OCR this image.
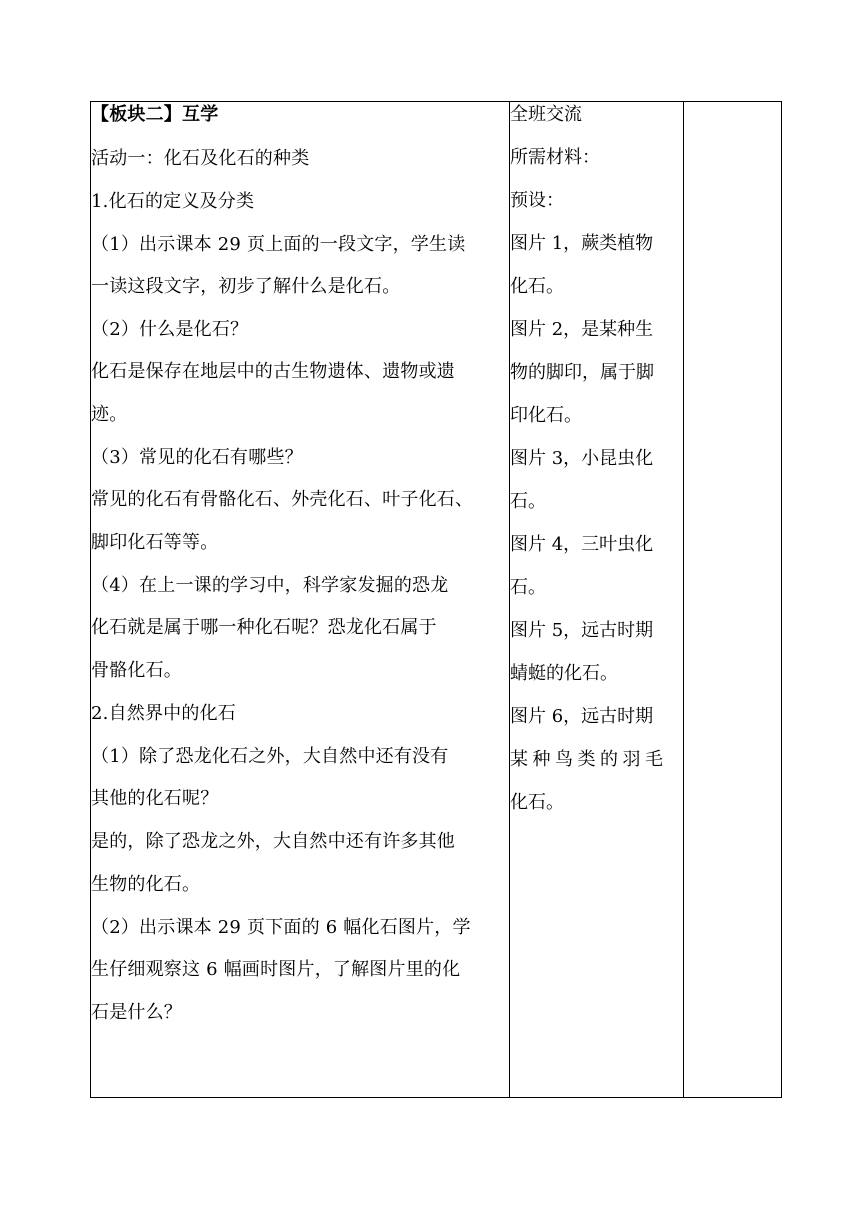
【板块二】互学
活动一：化石及化石的种类
1.化石的定义及分类
（1）出示课本 29 页上面的一段文字，学生读
一读这段文字，初步了解什么是化石。
（2）什么是化石？
化石是保存在地层中的古生物遗体、遗物或遗
迹。
（3）常见的化石有哪些？
常见的化石有骨骼化石、外壳化石、叶子化石、
脚印化石等等。
（4）在上一课的学习中，科学家发掘的恐龙
化石就是属于哪一种化石呢？恐龙化石属于
骨骼化石。
2.自然界中的化石
（1）除了恐龙化石之外，大自然中还有没有
其他的化石呢？
是的，除了恐龙之外，大自然中还有许多其他
生物的化石。
（2）出示课本 29 页下面的 6 幅化石图片，学
生仔细观察这 6 幅画时图片，了解图片里的化
石是什么？

全班交流
所需材料：
预设：
图片 1，蕨类植物
化石。
图片 2，是某种生
物的脚印，属于脚
印化石。
图片 3，小昆虫化
石。
图片 4，三叶虫化
石。
图片 5，远古时期
蜻蜓的化石。
图片 6，远古时期
某种鸟类的羽毛
化石。
